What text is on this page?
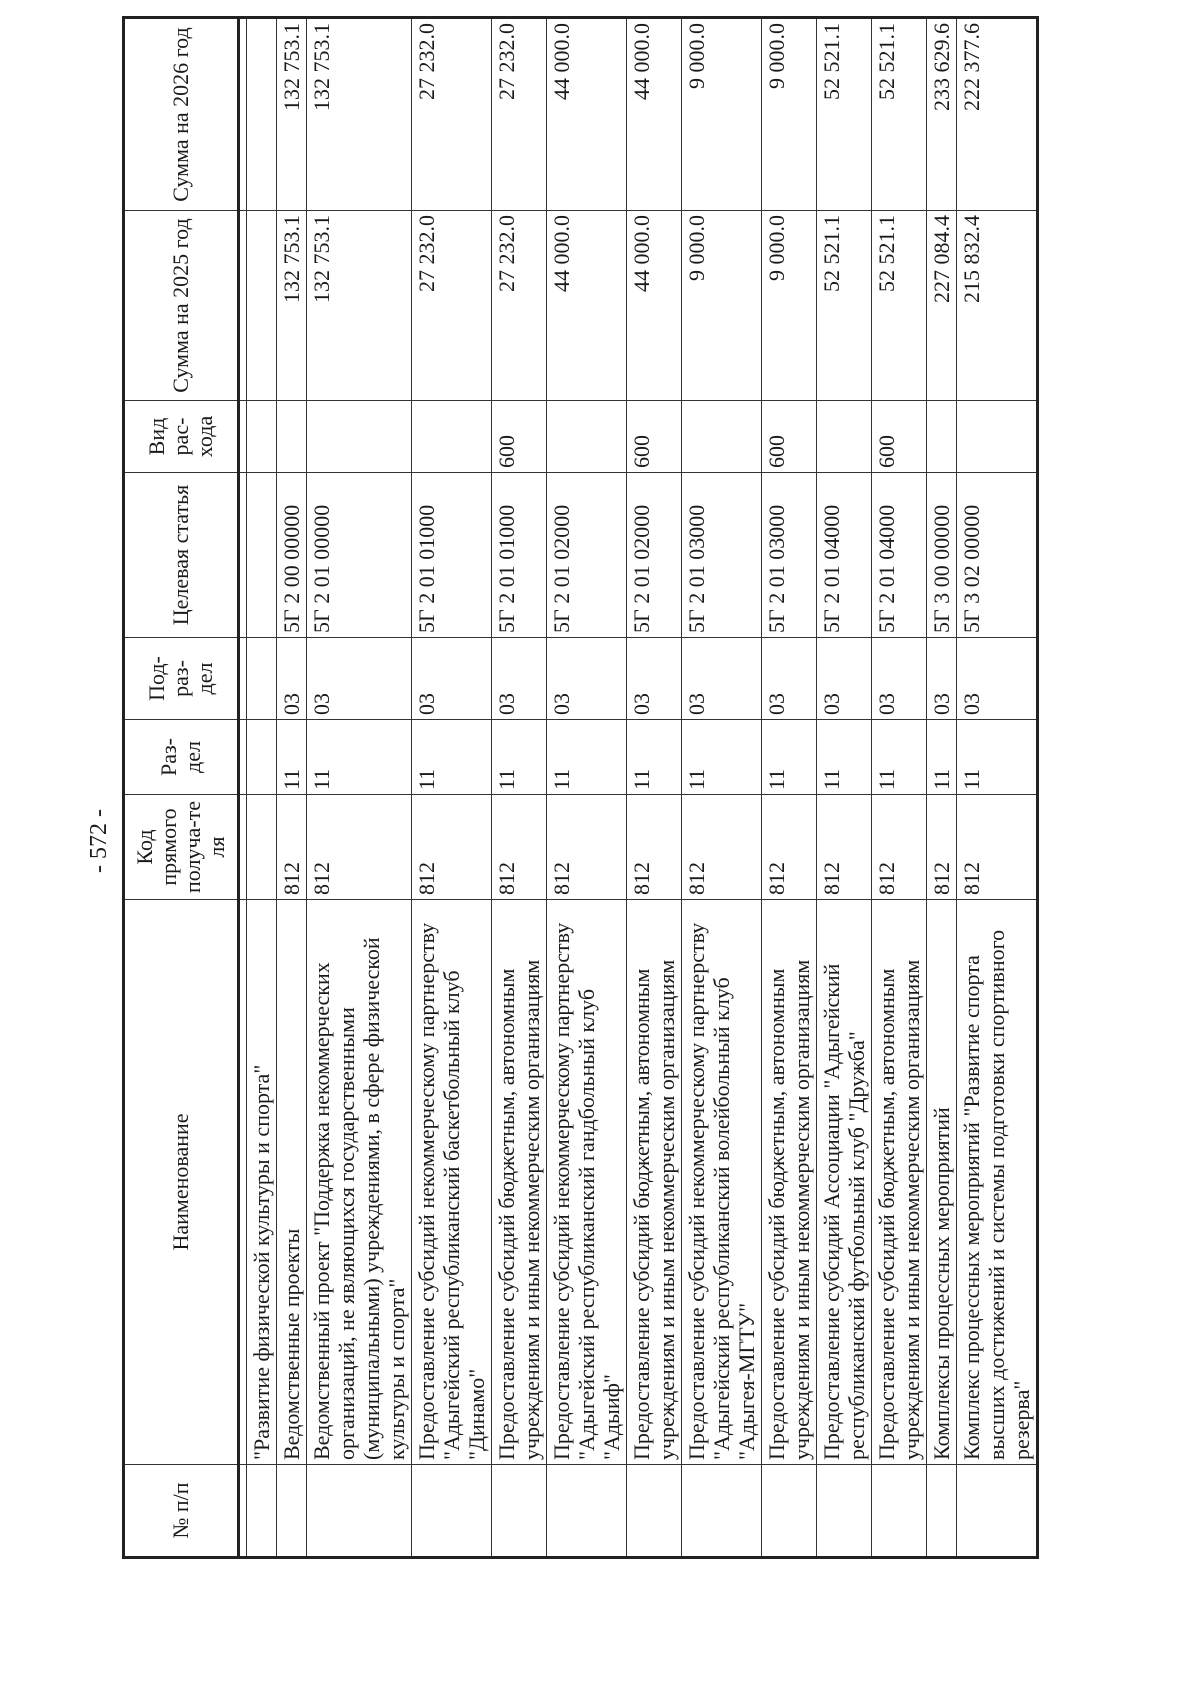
- 572 -
№ п/п	Наименование	Код прямого получа-те ля	Раз- дел	Под- раз- дел	Целевая статья	Вид рас- хода	Сумма на 2025 год	Сумма на 2026 год

	"Развитие физической культуры и спорта"							
	Ведомственные проекты	812	11	03	5Г 2 00 00000		132 753.1	132 753.1
	Ведомственный проект "Поддержка некоммерческих организаций, не являющихся государственными (муниципальными) учреждениями, в сфере физической культуры и спорта"	812	11	03	5Г 2 01 00000		132 753.1	132 753.1
	Предоставление субсидий некоммерческому партнерству "Адыгейский республиканский баскетбольный клуб "Динамо"	812	11	03	5Г 2 01 01000		27 232.0	27 232.0
	Предоставление субсидий бюджетным, автономным учреждениям и иным некоммерческим организациям	812	11	03	5Г 2 01 01000	600	27 232.0	27 232.0
	Предоставление субсидий некоммерческому партнерству "Адыгейский республиканский гандбольный клуб "Адыиф"	812	11	03	5Г 2 01 02000		44 000.0	44 000.0
	Предоставление субсидий бюджетным, автономным учреждениям и иным некоммерческим организациям	812	11	03	5Г 2 01 02000	600	44 000.0	44 000.0
	Предоставление субсидий некоммерческому партнерству "Адыгейский республиканский волейбольный клуб "Адыгея-МГТУ"	812	11	03	5Г 2 01 03000		9 000.0	9 000.0
	Предоставление субсидий бюджетным, автономным учреждениям и иным некоммерческим организациям	812	11	03	5Г 2 01 03000	600	9 000.0	9 000.0
	Предоставление субсидий Ассоциации "Адыгейский республиканский футбольный клуб "Дружба"	812	11	03	5Г 2 01 04000		52 521.1	52 521.1
	Предоставление субсидий бюджетным, автономным учреждениям и иным некоммерческим организациям	812	11	03	5Г 2 01 04000	600	52 521.1	52 521.1
	Комплексы процессных мероприятий	812	11	03	5Г 3 00 00000		227 084.4	233 629.6
	Комплекс процессных мероприятий "Развитие спорта высших достижений и системы подготовки спортивного резерва"	812	11	03	5Г 3 02 00000		215 832.4	222 377.6
